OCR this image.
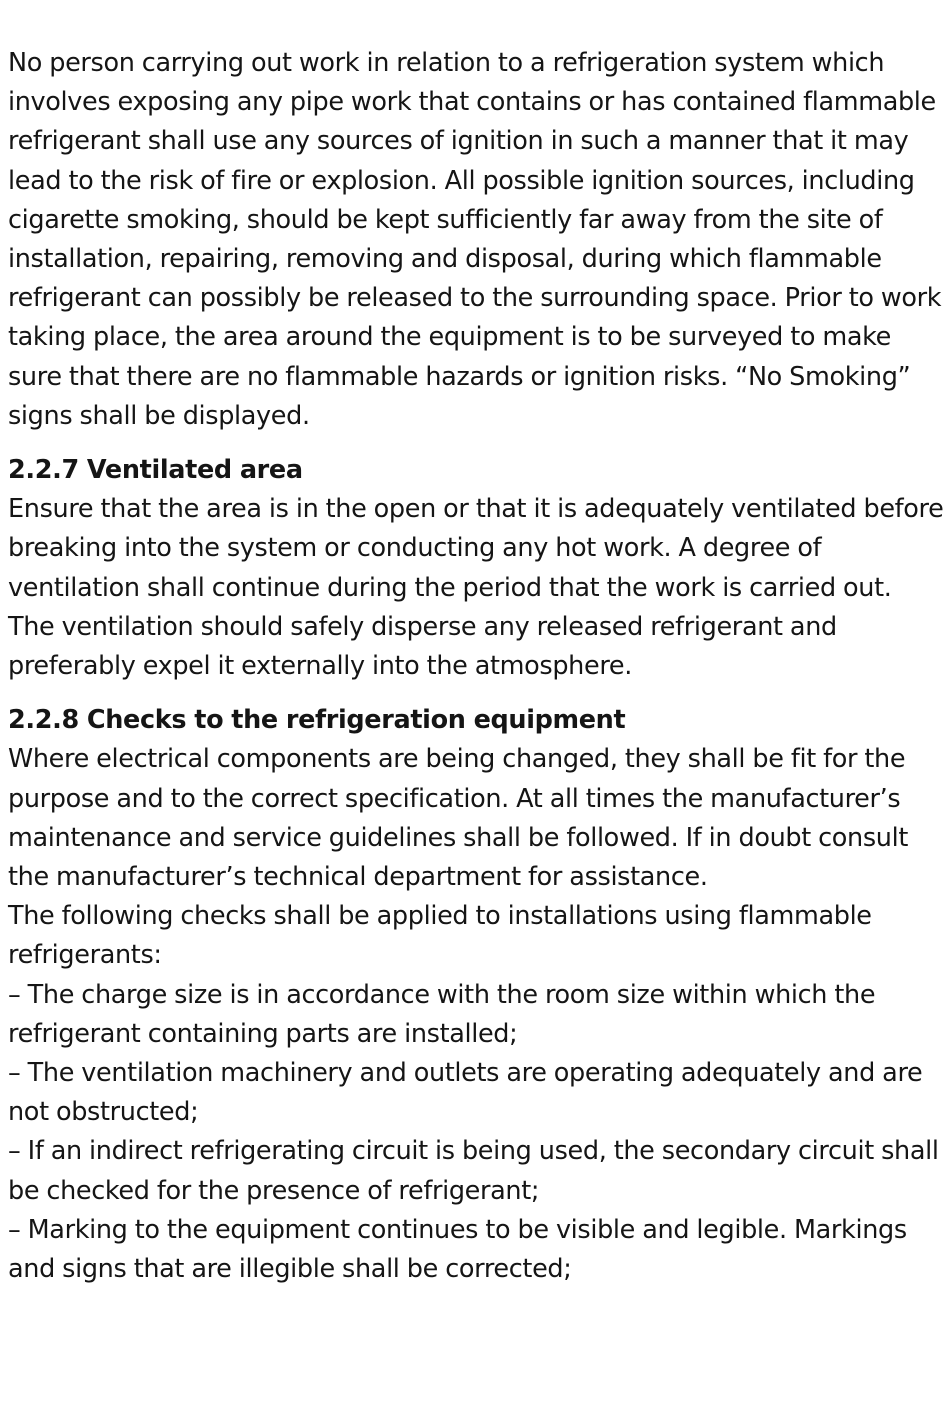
No person carrying out work in relation to a refrigeration system which involves exposing any pipe work that contains or has contained flammable refrigerant shall use any sources of ignition in such a manner that it may lead to the risk of fire or explosion. All possible ignition sources, including cigarette smoking, should be kept sufficiently far away from the site of installation, repairing, removing and disposal, during which flammable refrigerant can possibly be released to the surrounding space. Prior to work taking place, the area around the equipment is to be surveyed to make sure that there are no flammable hazards or ignition risks. “No Smoking” signs shall be displayed.

2.2.7 Ventilated area

Ensure that the area is in the open or that it is adequately ventilated before breaking into the system or conducting any hot work. A degree of ventilation shall continue during the period that the work is carried out. The ventilation should safely disperse any released refrigerant and preferably expel it externally into the atmosphere.

2.2.8 Checks to the refrigeration equipment

Where electrical components are being changed, they shall be fit for the purpose and to the correct specification. At all times the manufacturer’s maintenance and service guidelines shall be followed. If in doubt consult the manufacturer’s technical department for assistance.

The following checks shall be applied to installations using flammable refrigerants:

– The charge size is in accordance with the room size within which the refrigerant containing parts are installed;

– The ventilation machinery and outlets are operating adequately and are not obstructed;

– If an indirect refrigerating circuit is being used, the secondary circuit shall be checked for the presence of refrigerant;

– Marking to the equipment continues to be visible and legible. Markings and signs that are illegible shall be corrected;
